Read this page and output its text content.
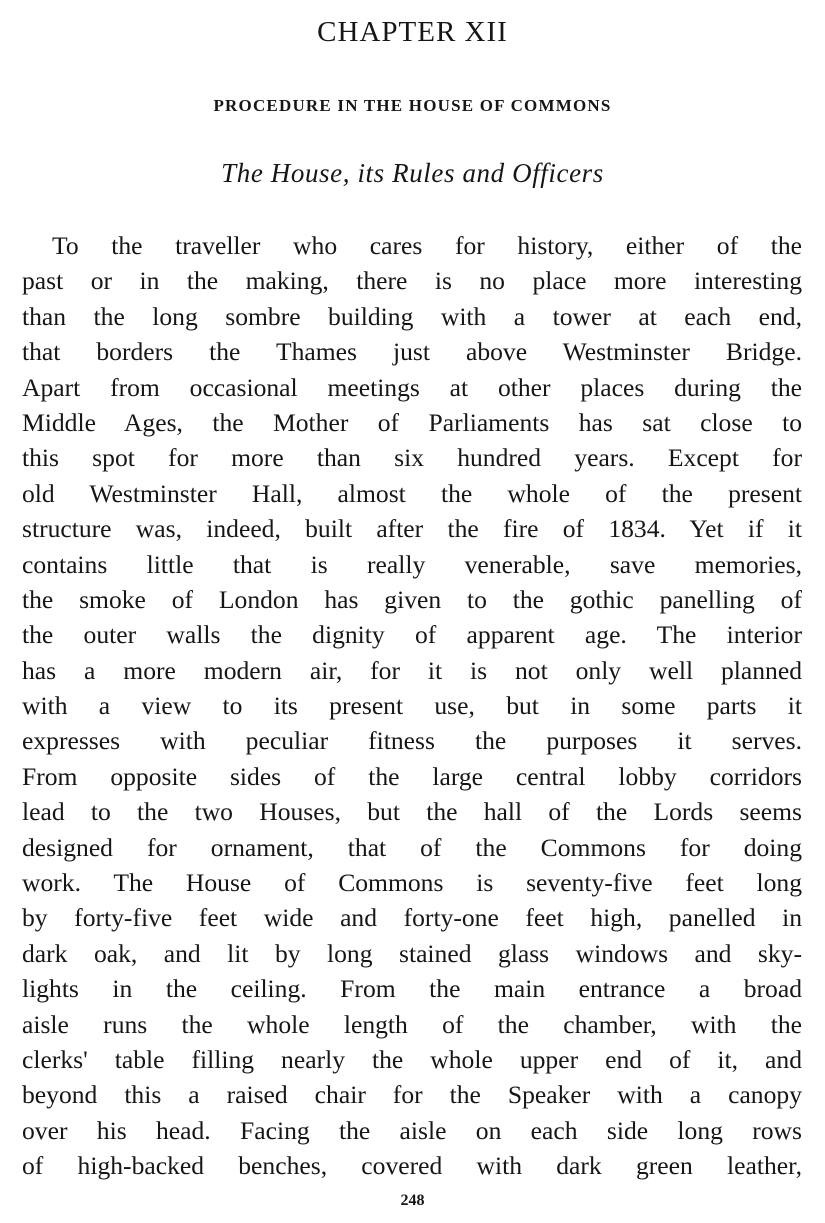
CHAPTER XII
PROCEDURE IN THE HOUSE OF COMMONS
The House, its Rules and Officers

To the traveller who cares for history, either of the
past or in the making, there is no place more interesting
than the long sombre building with a tower at each end,
that borders the Thames just above Westminster Bridge.
Apart from occasional meetings at other places during the
Middle Ages, the Mother of Parliaments has sat close to
this spot for more than six hundred years. Except for
old Westminster Hall, almost the whole of the present
structure was, indeed, built after the fire of 1834. Yet if it
contains little that is really venerable, save memories,
the smoke of London has given to the gothic panelling of
the outer walls the dignity of apparent age. The interior
has a more modern air, for it is not only well planned
with a view to its present use, but in some parts it
expresses with peculiar fitness the purposes it serves.
From opposite sides of the large central lobby corridors
lead to the two Houses, but the hall of the Lords seems
designed for ornament, that of the Commons for doing
work. The House of Commons is seventy-five feet long
by forty-five feet wide and forty-one feet high, panelled in
dark oak, and lit by long stained glass windows and sky-
lights in the ceiling. From the main entrance a broad
aisle runs the whole length of the chamber, with the
clerks' table filling nearly the whole upper end of it, and
beyond this a raised chair for the Speaker with a canopy
over his head. Facing the aisle on each side long rows
of high-backed benches, covered with dark green leather,

248
